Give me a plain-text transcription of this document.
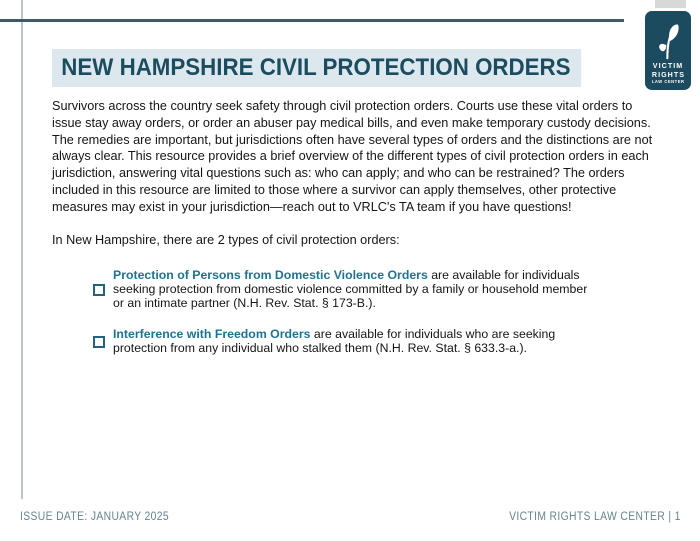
VICTIM
RIGHTS
LAW CENTER
NEW HAMPSHIRE CIVIL PROTECTION ORDERS

Survivors across the country seek safety through civil protection orders. Courts use these vital orders to issue stay away orders, or order an abuser pay medical bills, and even make temporary custody decisions. The remedies are important, but jurisdictions often have several types of orders and the distinctions are not always clear. This resource provides a brief overview of the different types of civil protection orders in each jurisdiction, answering vital questions such as: who can apply; and who can be restrained? The orders included in this resource are limited to those where a survivor can apply themselves, other protective measures may exist in your jurisdiction—reach out to VRLC's TA team if you have questions!

In New Hampshire, there are 2 types of civil protection orders:

Protection of Persons from Domestic Violence Orders are available for individuals seeking protection from domestic violence committed by a family or household member or an intimate partner (N.H. Rev. Stat. § 173-B.).

Interference with Freedom Orders are available for individuals who are seeking protection from any individual who stalked them (N.H. Rev. Stat. § 633.3-a.).

ISSUE DATE: JANUARY 2025	VICTIM RIGHTS LAW CENTER | 1
